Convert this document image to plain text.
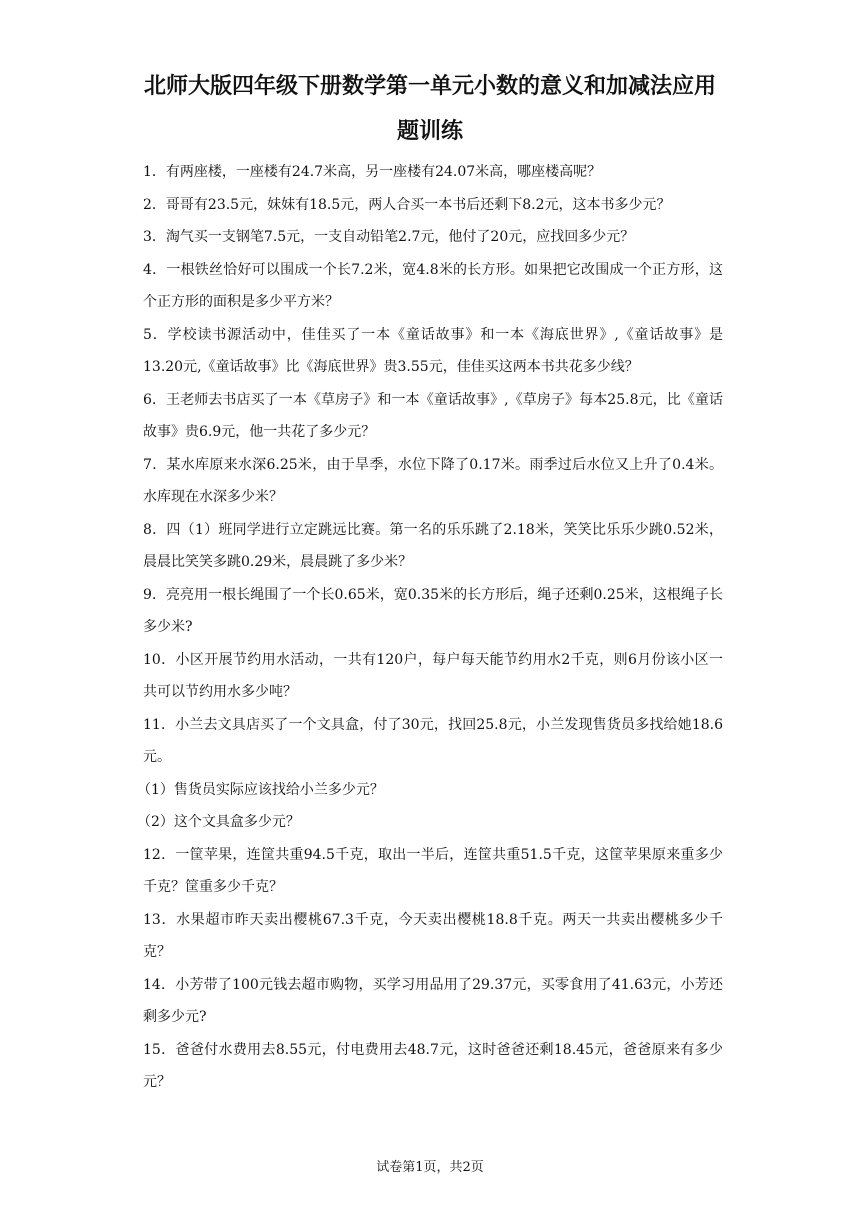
北师大版四年级下册数学第一单元小数的意义和加减法应用
题训练

1．有两座楼，一座楼有24.7米高，另一座楼有24.07米高，哪座楼高呢？

2．哥哥有23.5元，妹妹有18.5元，两人合买一本书后还剩下8.2元，这本书多少元？

3．淘气买一支钢笔7.5元，一支自动铅笔2.7元，他付了20元，应找回多少元？

4．一根铁丝恰好可以围成一个长7.2米，宽4.8米的长方形。如果把它改围成一个正方形，这个正方形的面积是多少平方米？

5．学校读书源活动中，佳佳买了一本《童话故事》和一本《海底世界》,《童话故事》是13.20元,《童话故事》比《海底世界》贵3.55元，佳佳买这两本书共花多少线？

6．王老师去书店买了一本《草房子》和一本《童话故事》,《草房子》每本25.8元，比《童话故事》贵6.9元，他一共花了多少元？

7．某水库原来水深6.25米，由于旱季，水位下降了0.17米。雨季过后水位又上升了0.4米。水库现在水深多少米？

8．四（1）班同学进行立定跳远比赛。第一名的乐乐跳了2.18米，笑笑比乐乐少跳0.52米，晨晨比笑笑多跳0.29米，晨晨跳了多少米？

9．亮亮用一根长绳围了一个长0.65米，宽0.35米的长方形后，绳子还剩0.25米，这根绳子长多少米?

10．小区开展节约用水活动，一共有120户，每户每天能节约用水2千克，则6月份该小区一共可以节约用水多少吨？

11．小兰去文具店买了一个文具盒，付了30元，找回25.8元，小兰发现售货员多找给她18.6元。

（1）售货员实际应该找给小兰多少元？

（2）这个文具盒多少元？

12．一筐苹果，连筐共重94.5千克，取出一半后，连筐共重51.5千克，这筐苹果原来重多少千克？筐重多少千克？

13．水果超市昨天卖出樱桃67.3千克，今天卖出樱桃18.8千克。两天一共卖出樱桃多少千克？

14．小芳带了100元钱去超市购物，买学习用品用了29.37元，买零食用了41.63元，小芳还剩多少元?

15．爸爸付水费用去8.55元，付电费用去48.7元，这时爸爸还剩18.45元，爸爸原来有多少元？

试卷第1页，共2页
